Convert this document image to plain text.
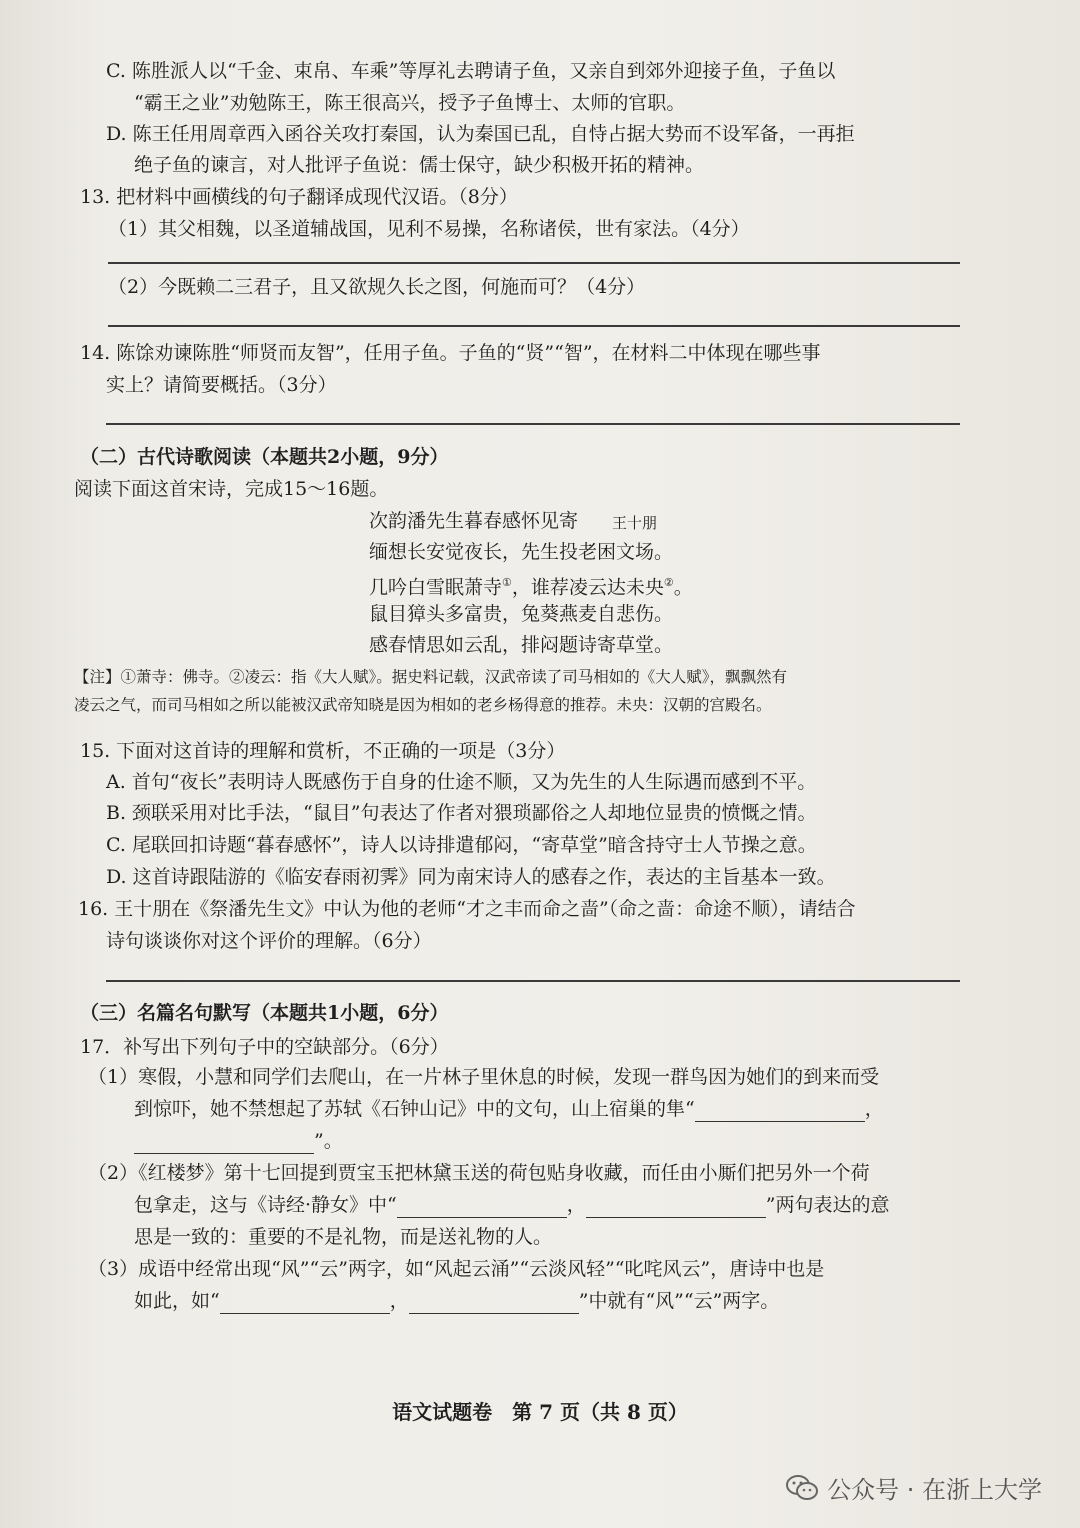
C. 陈胜派人以“千金、束帛、车乘”等厚礼去聘请子鱼，又亲自到郊外迎接子鱼，子鱼以
“霸王之业”劝勉陈王，陈王很高兴，授予子鱼博士、太师的官职。
D. 陈王任用周章西入函谷关攻打秦国，认为秦国已乱，自恃占据大势而不设军备，一再拒
绝子鱼的谏言，对人批评子鱼说：儒士保守，缺少积极开拓的精神。
13. 把材料中画横线的句子翻译成现代汉语。（8分）
（1）其父相魏，以圣道辅战国，见利不易操，名称诸侯，世有家法。（4分）
（2）今既赖二三君子，且又欲规久长之图，何施而可？（4分）
14. 陈馀劝谏陈胜“师贤而友智”，任用子鱼。子鱼的“贤”“智”，在材料二中体现在哪些事
实上？请简要概括。（3分）
（二）古代诗歌阅读（本题共2小题，9分）
阅读下面这首宋诗，完成15～16题。
次韵潘先生暮春感怀见寄 王十朋
缅想长安觉夜长，先生投老困文场。
几吟白雪眠萧寺①，谁荐凌云达未央②。
鼠目獐头多富贵，兔葵燕麦自悲伤。
感春情思如云乱，排闷题诗寄草堂。
【注】①萧寺：佛寺。②凌云：指《大人赋》。据史料记载，汉武帝读了司马相如的《大人赋》，飘飘然有
凌云之气，而司马相如之所以能被汉武帝知晓是因为相如的老乡杨得意的推荐。未央：汉朝的宫殿名。
15. 下面对这首诗的理解和赏析，不正确的一项是（3分）
A. 首句“夜长”表明诗人既感伤于自身的仕途不顺，又为先生的人生际遇而感到不平。
B. 颈联采用对比手法，“鼠目”句表达了作者对猥琐鄙俗之人却地位显贵的愤慨之情。
C. 尾联回扣诗题“暮春感怀”，诗人以诗排遣郁闷，“寄草堂”暗含持守士人节操之意。
D. 这首诗跟陆游的《临安春雨初霁》同为南宋诗人的感春之作，表达的主旨基本一致。
16. 王十朋在《祭潘先生文》中认为他的老师“才之丰而命之啬”（命之啬：命途不顺），请结合
诗句谈谈你对这个评价的理解。（6分）
（三）名篇名句默写（本题共1小题，6分）
17．补写出下列句子中的空缺部分。（6分）
（1）寒假，小慧和同学们去爬山，在一片林子里休息的时候，发现一群鸟因为她们的到来而受
到惊吓，她不禁想起了苏轼《石钟山记》中的文句，山上宿巢的隼“	，
”。
（2）《红楼梦》第十七回提到贾宝玉把林黛玉送的荷包贴身收藏，而任由小厮们把另外一个荷
包拿走，这与《诗经·静女》中“	，	”两句表达的意
思是一致的：重要的不是礼物，而是送礼物的人。
（3）成语中经常出现“风”“云”两字，如“风起云涌”“云淡风轻”“叱咤风云”，唐诗中也是
如此，如“	，	”中就有“风”“云”两字。
语文试题卷　第 7 页（共 8 页）
公众号 · 在浙上大学
